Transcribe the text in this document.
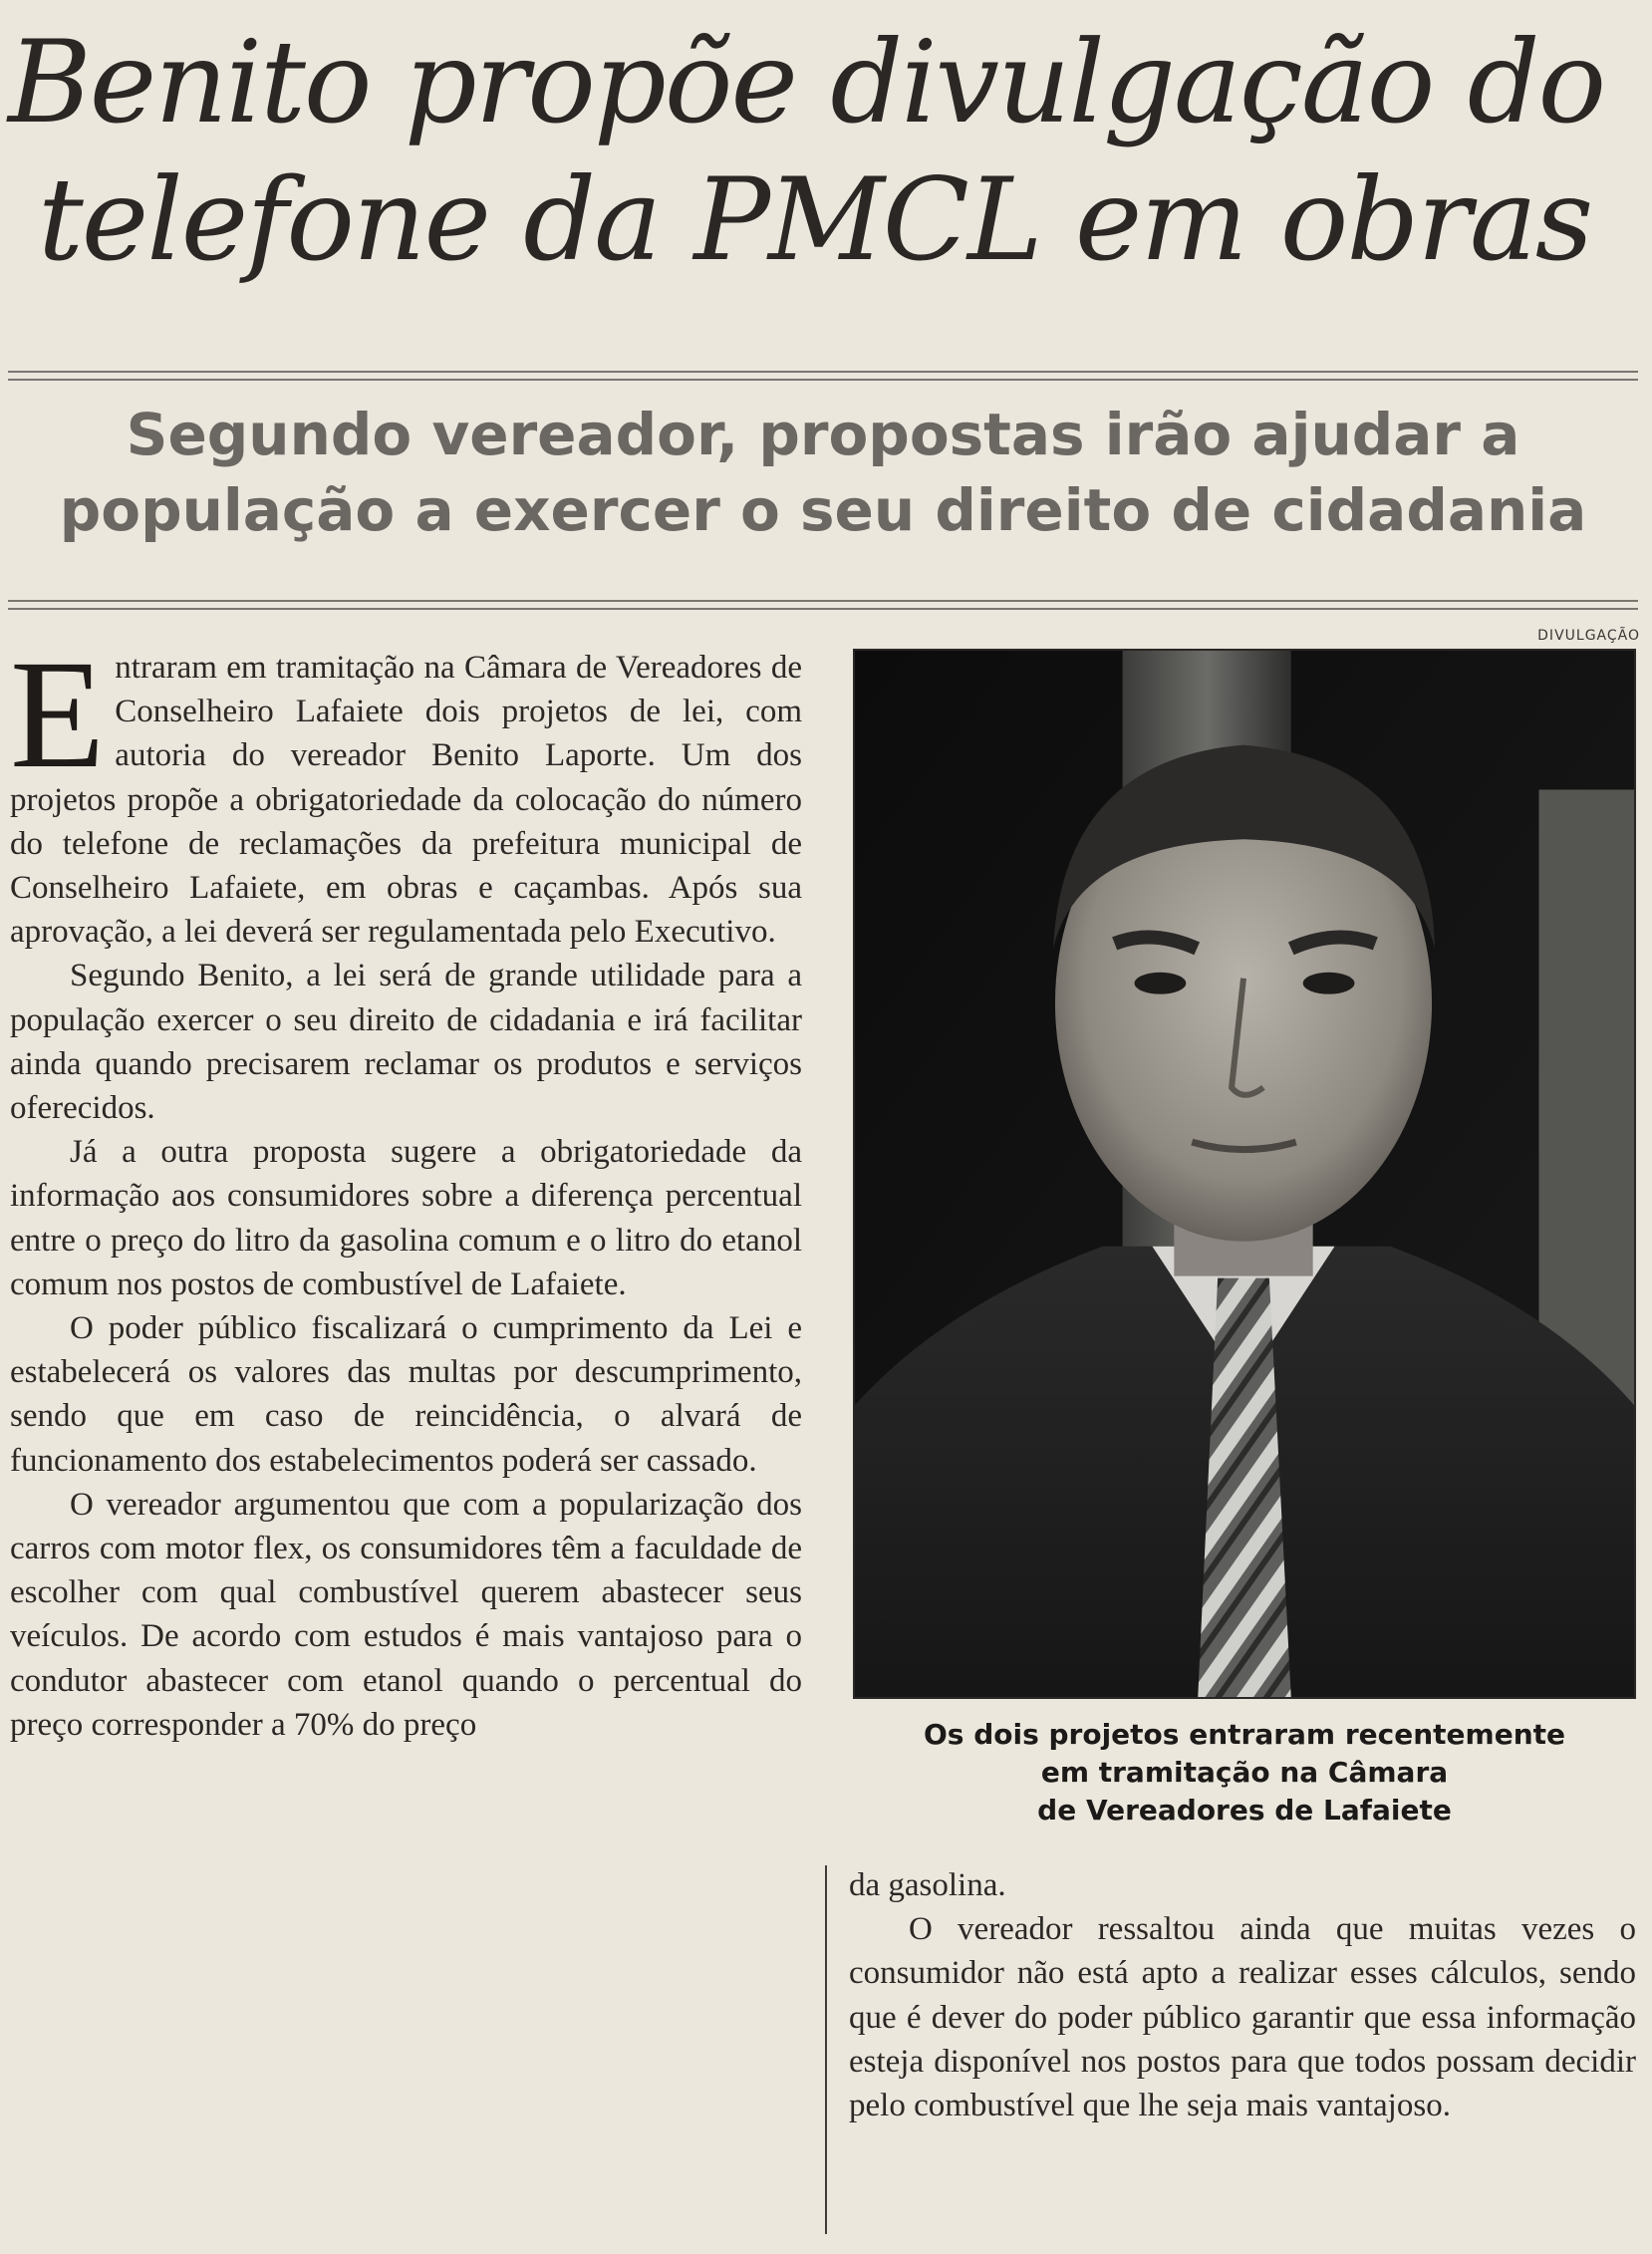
Benito propõe divulgação do
telefone da PMCL em obras
Segundo vereador, propostas irão ajudar a
população a exercer o seu direito de cidadania

DIVULGAÇÃO

Entraram em tramitação na Câmara de Vereadores de Conselheiro Lafaiete dois projetos de lei, com autoria do vereador Benito Laporte. Um dos projetos propõe a obrigatoriedade da colocação do número do telefone de reclamações da prefeitura municipal de Conselheiro Lafaiete, em obras e caçambas. Após sua aprovação, a lei deverá ser regulamentada pelo Executivo.

Segundo Benito, a lei será de grande utilidade para a população exercer o seu direito de cidadania e irá facilitar ainda quando precisarem reclamar os produtos e serviços oferecidos.

Já a outra proposta sugere a obrigatoriedade da informação aos consumidores sobre a diferença percentual entre o preço do litro da gasolina comum e o litro do etanol comum nos postos de combustível de Lafaiete.

O poder público fiscalizará o cumprimento da Lei e estabelecerá os valores das multas por descumprimento, sendo que em caso de reincidência, o alvará de funcionamento dos estabelecimentos poderá ser cassado.

O vereador argumentou que com a popularização dos carros com motor flex, os consumidores têm a faculdade de escolher com qual combustível querem abastecer seus veículos. De acordo com estudos é mais vantajoso para o condutor abastecer com etanol quando o percentual do preço corresponder a 70% do preço	Os dois projetos entraram recentemente
em tramitação na Câmara
de Vereadores de Lafaiete

da gasolina.

O vereador ressaltou ainda que muitas vezes o consumidor não está apto a realizar esses cálculos, sendo que é dever do poder público garantir que essa informação esteja disponível nos postos para que todos possam decidir pelo combustível que lhe seja mais vantajoso.
